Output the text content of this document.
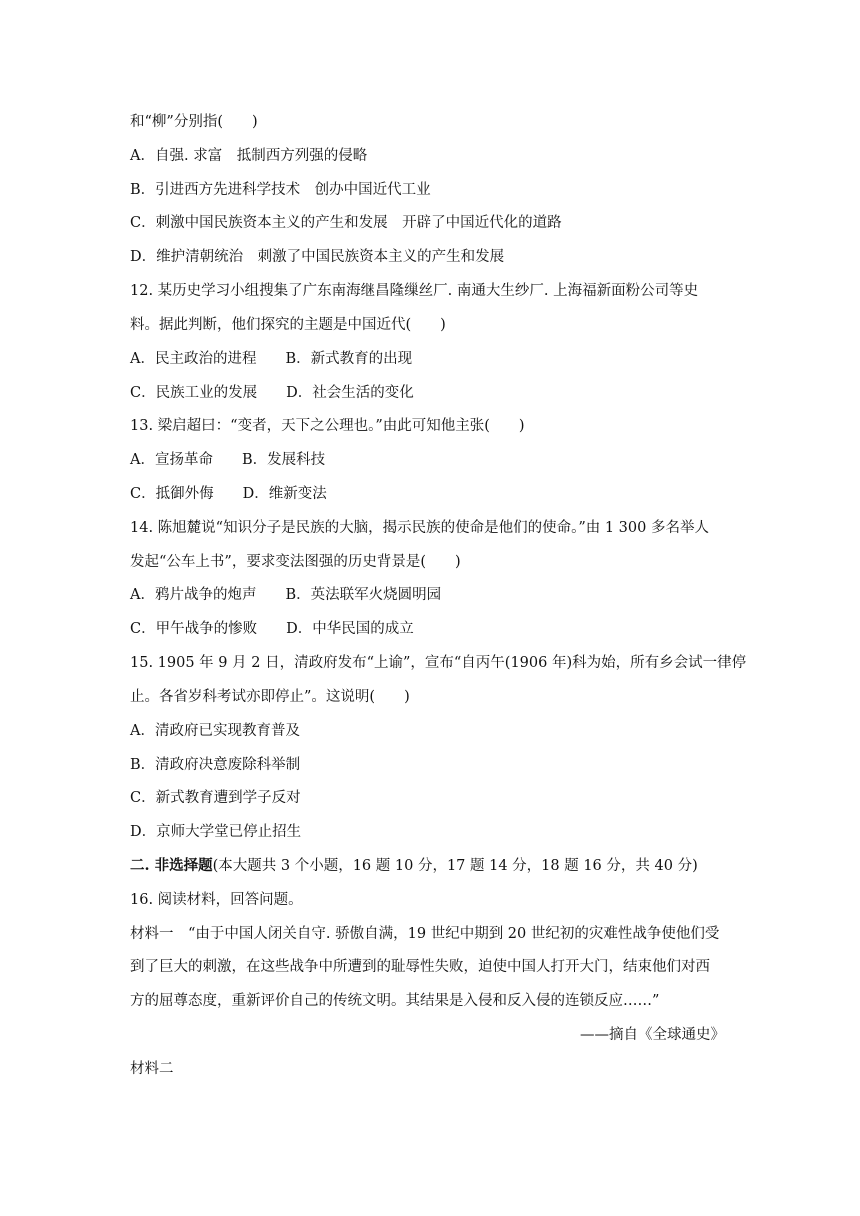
和“柳”分别指(　　)
A．自强. 求富　抵制西方列强的侵略
B．引进西方先进科学技术　创办中国近代工业
C．刺激中国民族资本主义的产生和发展　开辟了中国近代化的道路
D．维护清朝统治　刺激了中国民族资本主义的产生和发展
12. 某历史学习小组搜集了广东南海继昌隆缫丝厂. 南通大生纱厂. 上海福新面粉公司等史
料。据此判断，他们探究的主题是中国近代(　　)
A．民主政治的进程　　B．新式教育的出现
C．民族工业的发展　　D．社会生活的变化
13. 梁启超曰：“变者，天下之公理也。”由此可知他主张(　　)
A．宣扬革命　　B．发展科技
C．抵御外侮　　D．维新变法
14. 陈旭麓说“知识分子是民族的大脑，揭示民族的使命是他们的使命。”由 1 300 多名举人
发起“公车上书”，要求变法图强的历史背景是(　　)
A．鸦片战争的炮声　　B．英法联军火烧圆明园
C．甲午战争的惨败　　D．中华民国的成立
15. 1905 年 9 月 2 日，清政府发布“上谕”，宣布“自丙午(1906 年)科为始，所有乡会试一律停
止。各省岁科考试亦即停止”。这说明(　　)
A．清政府已实现教育普及
B．清政府决意废除科举制
C．新式教育遭到学子反对
D．京师大学堂已停止招生
二. 非选择题(本大题共 3 个小题，16 题 10 分，17 题 14 分，18 题 16 分，共 40 分)
16. 阅读材料，回答问题。
材料一　“由于中国人闭关自守. 骄傲自满，19 世纪中期到 20 世纪初的灾难性战争使他们受
到了巨大的刺激，在这些战争中所遭到的耻辱性失败，迫使中国人打开大门，结束他们对西
方的屈尊态度，重新评价自己的传统文明。其结果是入侵和反入侵的连锁反应……”
——摘自《全球通史》
材料二
